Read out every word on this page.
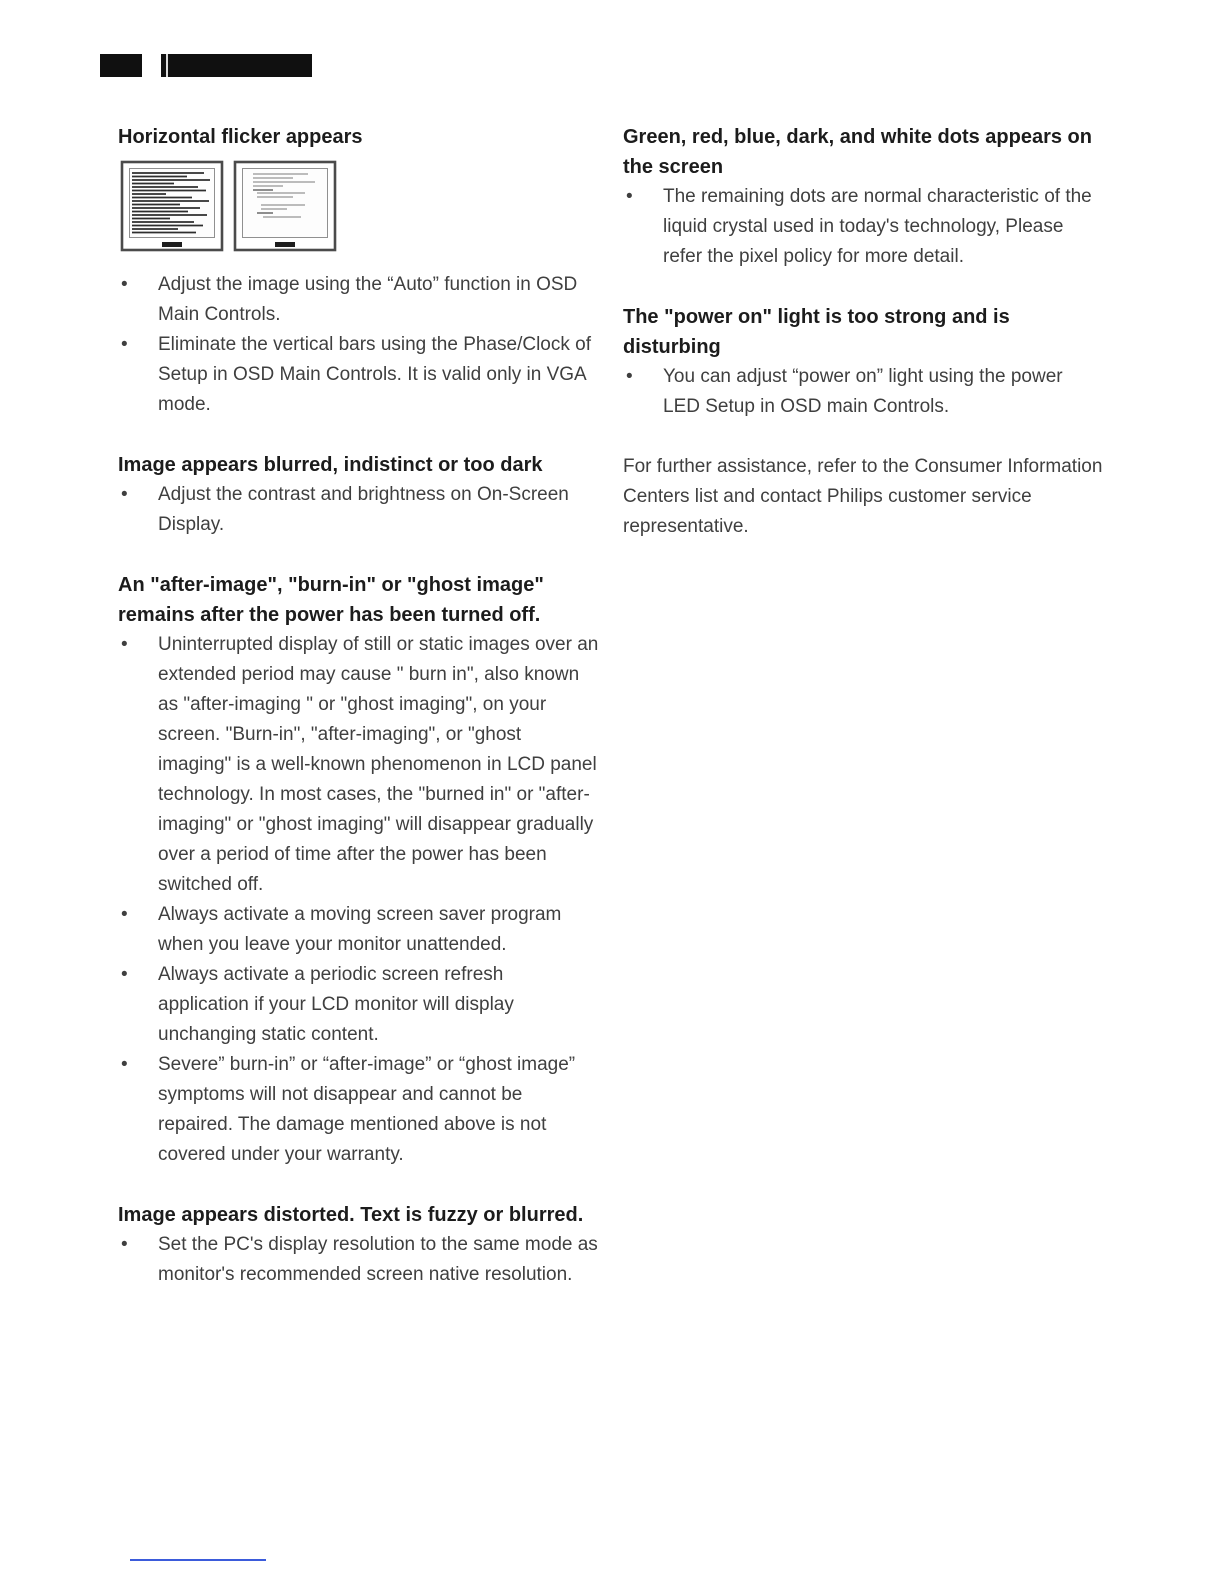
Horizontal flicker appears
•	Adjust the image using the “Auto” function in OSD Main Controls.
•	Eliminate the vertical bars using the Phase/Clock of Setup in OSD Main Controls. It is valid only in VGA mode.
Image appears blurred, indistinct or too dark
•	Adjust the contrast and brightness on On-Screen Display.
An "after-image", "burn-in" or "ghost image" remains after the power has been turned off.
•	Uninterrupted display of still or static images over an extended period may cause " burn in", also known as "after-imaging " or "ghost imaging", on your screen. "Burn-in", "after-imaging", or "ghost imaging" is a well-known phenomenon in LCD panel technology. In most cases, the "burned in" or "after-imaging" or "ghost imaging" will disappear gradually over a period of time after the power has been switched off.
•	Always activate a moving screen saver program when you leave your monitor unattended.
•	Always activate a periodic screen refresh application if your LCD monitor will display unchanging static content.
•	Severe” burn-in” or “after-image” or “ghost image” symptoms will not disappear and cannot be repaired. The damage mentioned above is not covered under your warranty.
Image appears distorted. Text is fuzzy or blurred.
•	Set the PC's display resolution to the same mode as monitor's recommended screen native resolution.
Green, red, blue, dark, and white dots appears on the screen
•	The remaining dots are normal characteristic of the liquid crystal used in today's technology, Please refer the pixel policy for more detail.
The "power on" light is too strong and is disturbing
•	You can adjust “power on” light using the power LED Setup in OSD main Controls.

For further assistance, refer to the Consumer Information Centers list and contact Philips customer service representative.
